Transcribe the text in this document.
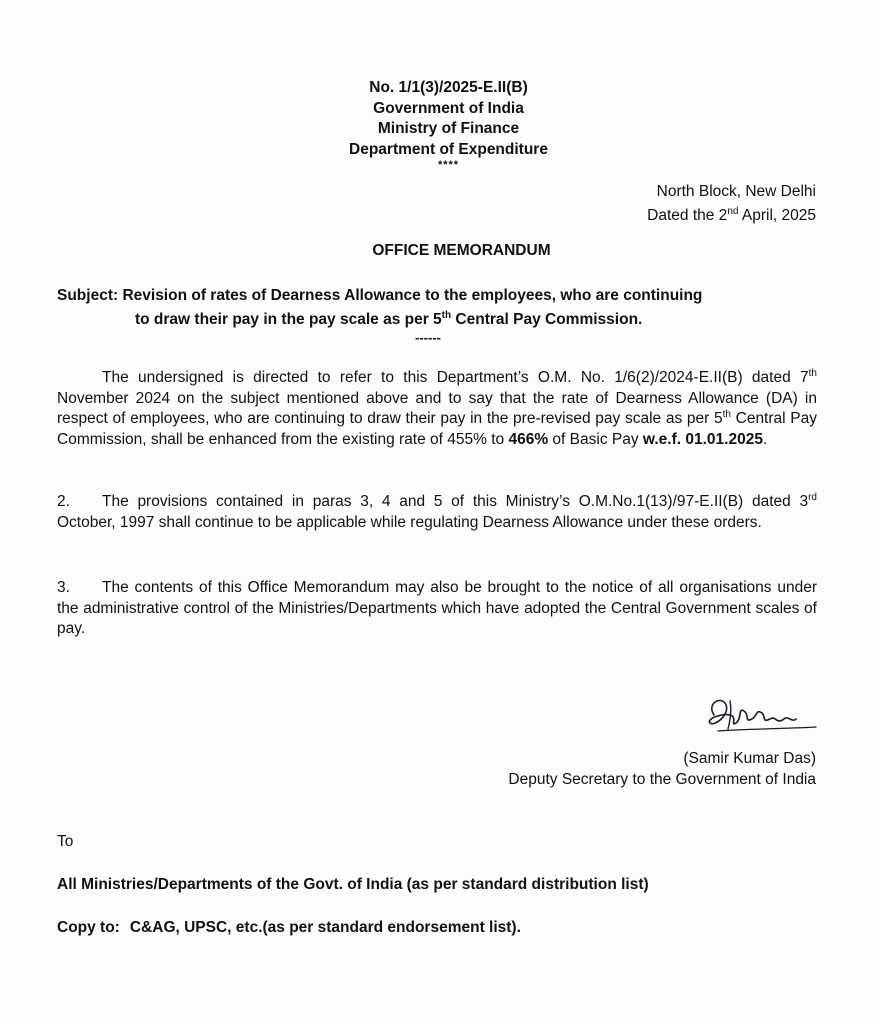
No. 1/1(3)/2025-E.II(B)
Government of India
Ministry of Finance
Department of Expenditure
****
North Block, New Delhi
Dated the 2nd April, 2025
OFFICE MEMORANDUM
Subject: Revision of rates of Dearness Allowance to the employees, who are continuing
to draw their pay in the pay scale as per 5th Central Pay Commission.
------
The undersigned is directed to refer to this Department’s O.M. No. 1/6(2)/2024-E.II(B) dated 7th November 2024 on the subject mentioned above and to say that the rate of Dearness Allowance (DA) in respect of employees, who are continuing to draw their pay in the pre-revised pay scale as per 5th Central Pay Commission, shall be enhanced from the existing rate of 455% to 466% of Basic Pay w.e.f. 01.01.2025.
2. The provisions contained in paras 3, 4 and 5 of this Ministry’s O.M.No.1(13)/97-E.II(B) dated 3rd October, 1997 shall continue to be applicable while regulating Dearness Allowance under these orders.
3. The contents of this Office Memorandum may also be brought to the notice of all organisations under the administrative control of the Ministries/Departments which have adopted the Central Government scales of pay.
(Samir Kumar Das)
Deputy Secretary to the Government of India
To
All Ministries/Departments of the Govt. of India (as per standard distribution list)
Copy to: C&AG, UPSC, etc.(as per standard endorsement list).
